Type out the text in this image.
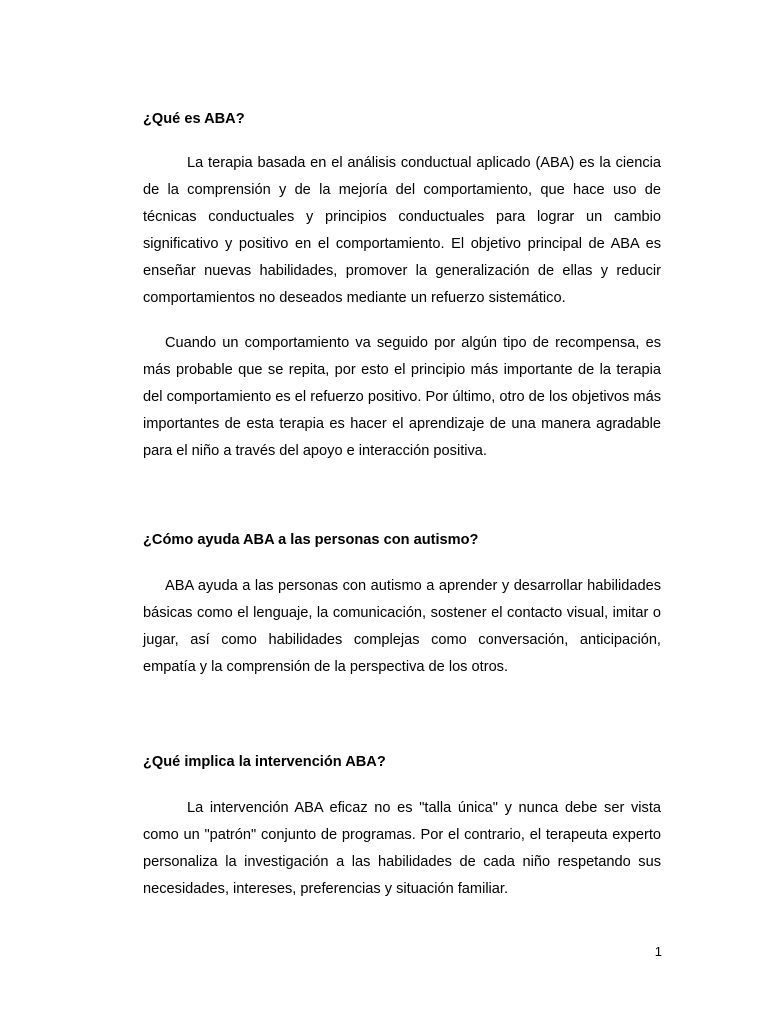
¿Qué es ABA?

La terapia basada en el análisis conductual aplicado (ABA) es la ciencia de la comprensión y de la mejoría del comportamiento, que hace uso de técnicas conductuales y principios conductuales para lograr un cambio significativo y positivo en el comportamiento. El objetivo principal de ABA es enseñar nuevas habilidades, promover la generalización de ellas y reducir comportamientos no deseados mediante un refuerzo sistemático.

Cuando un comportamiento va seguido por algún tipo de recompensa, es más probable que se repita, por esto el principio más importante de la terapia del comportamiento es el refuerzo positivo. Por último, otro de los objetivos más importantes de esta terapia es hacer el aprendizaje de una manera agradable para el niño a través del apoyo e interacción positiva.

¿Cómo ayuda ABA a las personas con autismo?

ABA ayuda a las personas con autismo a aprender y desarrollar habilidades básicas como el lenguaje, la comunicación, sostener el contacto visual, imitar o jugar, así como habilidades complejas como conversación, anticipación, empatía y la comprensión de la perspectiva de los otros.

¿Qué implica la intervención ABA?

La intervención ABA eficaz no es "talla única" y nunca debe ser vista como un "patrón" conjunto de programas. Por el contrario, el terapeuta experto personaliza la investigación a las habilidades de cada niño respetando sus necesidades, intereses, preferencias y situación familiar.

1
